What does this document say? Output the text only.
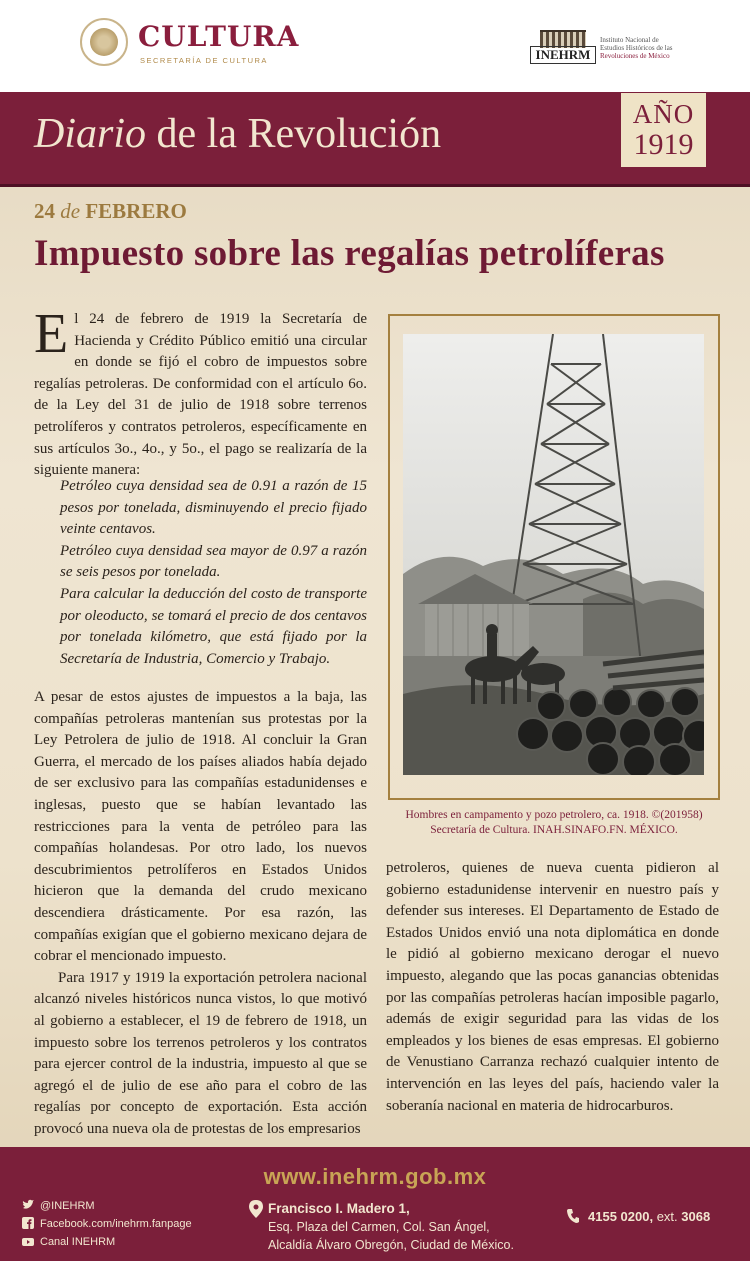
CULTURA
SECRETARÍA DE CULTURA	INEHRM
Instituto Nacional de
Estudios Históricos de las
Revoluciones de México
Diario de la Revolución	AÑO
1919
24 de FEBRERO
Impuesto sobre las regalías petrolíferas
El 24 de febrero de 1919 la Secretaría de Hacienda y Crédito Público emitió una circular en donde se fijó el cobro de impuestos sobre regalías petroleras. De conformidad con el artículo 6o. de la Ley del 31 de julio de 1918 sobre terrenos petrolíferos y contratos petroleros, específicamente en sus artículos 3o., 4o., y 5o., el pago se realizaría de la siguiente manera:

Petróleo cuya densidad sea de 0.91 a razón de 15 pesos por tonelada, disminuyendo el precio fijado veinte centavos.

Petróleo cuya densidad sea mayor de 0.97 a razón se seis pesos por tonelada.

Para calcular la deducción del costo de transporte por oleoducto, se tomará el precio de dos centavos por tonelada kilómetro, que está fijado por la Secretaría de Industria, Comercio y Trabajo.

A pesar de estos ajustes de impuestos a la baja, las compañías petroleras mantenían sus protestas por la Ley Petrolera de julio de 1918. Al concluir la Gran Guerra, el mercado de los países aliados había dejado de ser exclusivo para las compañías estadunidenses e inglesas, puesto que se habían levantado las restricciones para la venta de petróleo para las compañías holandesas. Por otro lado, los nuevos descubrimientos petrolíferos en Estados Unidos hicieron que la demanda del crudo mexicano descendiera drásticamente. Por esa razón, las compañías exigían que el gobierno mexicano dejara de cobrar el mencionado impuesto.

Para 1917 y 1919 la exportación petrolera nacional alcanzó niveles históricos nunca vistos, lo que motivó al gobierno a establecer, el 19 de febrero de 1918, un impuesto sobre los terrenos petroleros y los contratos para ejercer control de la industria, impuesto al que se agregó el de julio de ese año para el cobro de las regalías por concepto de exportación. Esta acción provocó una nueva ola de protestas de los empresarios

petroleros, quienes de nueva cuenta pidieron al gobierno estadunidense intervenir en nuestro país y defender sus intereses. El Departamento de Estado de Estados Unidos envió una nota diplomática en donde le pidió al gobierno mexicano derogar el nuevo impuesto, alegando que las pocas ganancias obtenidas por las compañías petroleras hacían imposible pagarlo, además de exigir seguridad para las vidas de los empleados y los bienes de esas empresas. El gobierno de Venustiano Carranza rechazó cualquier intento de intervención en las leyes del país, haciendo valer la soberanía nacional en materia de hidrocarburos.

Hombres en campamento y pozo petrolero, ca. 1918. ©(201958)

Secretaría de Cultura. INAH.SINAFO.FN. MÉXICO.

www.inehrm.gob.mx
@INEHRM
Facebook.com/inehrm.fanpage
Canal INEHRM

Francisco I. Madero 1,

Esq. Plaza del Carmen, Col. San Ángel,

Alcaldía Álvaro Obregón, Ciudad de México.

4155 0200, ext. 3068
